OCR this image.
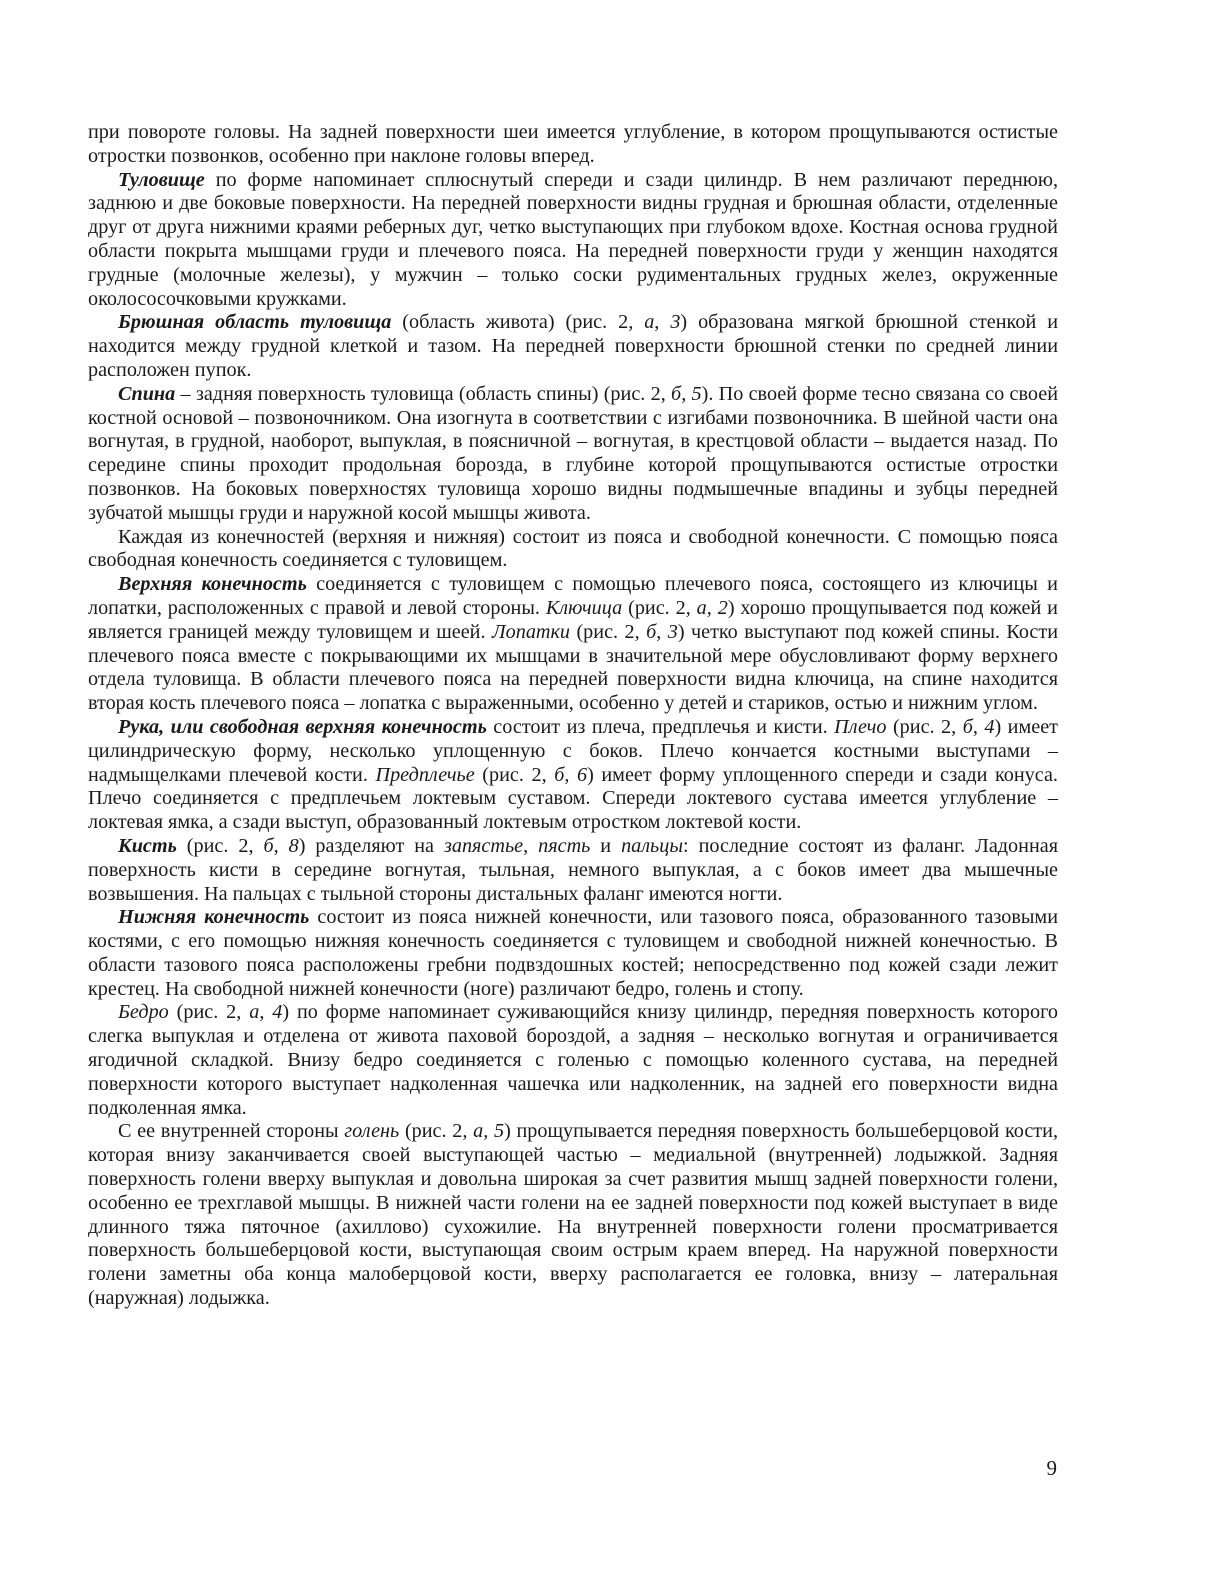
при повороте головы. На задней поверхности шеи имеется углубление, в котором прощупываются остистые отростки позвонков, особенно при наклоне головы вперед.

Туловище по форме напоминает сплюснутый спереди и сзади цилиндр. В нем различают переднюю, заднюю и две боковые поверхности. На передней поверхности видны грудная и брюшная области, отделенные друг от друга нижними краями реберных дуг, четко выступающих при глубоком вдохе. Костная основа грудной области покрыта мышцами груди и плечевого пояса. На передней поверхности груди у женщин находятся грудные (молочные железы), у мужчин – только соски рудиментальных грудных желез, окруженные околососочковыми кружками.

Брюшная область туловища (область живота) (рис. 2, а, 3) образована мягкой брюшной стенкой и находится между грудной клеткой и тазом. На передней поверхности брюшной стенки по средней линии расположен пупок.

Спина – задняя поверхность туловища (область спины) (рис. 2, б, 5). По своей форме тесно связана со своей костной основой – позвоночником. Она изогнута в соответствии с изгибами позвоночника. В шейной части она вогнутая, в грудной, наоборот, выпуклая, в поясничной – вогнутая, в крестцовой области – выдается назад. По середине спины проходит продольная борозда, в глубине которой прощупываются остистые отростки позвонков. На боковых поверхностях туловища хорошо видны подмышечные впадины и зубцы передней зубчатой мышцы груди и наружной косой мышцы живота.

Каждая из конечностей (верхняя и нижняя) состоит из пояса и свободной конечности. С помощью пояса свободная конечность соединяется с туловищем.

Верхняя конечность соединяется с туловищем с помощью плечевого пояса, состоящего из ключицы и лопатки, расположенных с правой и левой стороны. Ключица (рис. 2, а, 2) хорошо прощупывается под кожей и является границей между туловищем и шеей. Лопатки (рис. 2, б, 3) четко выступают под кожей спины. Кости плечевого пояса вместе с покрывающими их мышцами в значительной мере обусловливают форму верхнего отдела туловища. В области плечевого пояса на передней поверхности видна ключица, на спине находится вторая кость плечевого пояса – лопатка с выраженными, особенно у детей и стариков, остью и нижним углом.

Рука, или свободная верхняя конечность состоит из плеча, предплечья и кисти. Плечо (рис. 2, б, 4) имеет цилиндрическую форму, несколько уплощенную с боков. Плечо кончается костными выступами – надмыщелками плечевой кости. Предплечье (рис. 2, б, 6) имеет форму уплощенного спереди и сзади конуса. Плечо соединяется с предплечьем локтевым суставом. Спереди локтевого сустава имеется углубление – локтевая ямка, а сзади выступ, образованный локтевым отростком локтевой кости.

Кисть (рис. 2, б, 8) разделяют на запястье, пясть и пальцы: последние состоят из фаланг. Ладонная поверхность кисти в середине вогнутая, тыльная, немного выпуклая, а с боков имеет два мышечные возвышения. На пальцах с тыльной стороны дистальных фаланг имеются ногти.

Нижняя конечность состоит из пояса нижней конечности, или тазового пояса, образованного тазовыми костями, с его помощью нижняя конечность соединяется с туловищем и свободной нижней конечностью. В области тазового пояса расположены гребни подвздошных костей; непосредственно под кожей сзади лежит крестец. На свободной нижней конечности (ноге) различают бедро, голень и стопу.

Бедро (рис. 2, а, 4) по форме напоминает суживающийся книзу цилиндр, передняя поверхность которого слегка выпуклая и отделена от живота паховой бороздой, а задняя – несколько вогнутая и ограничивается ягодичной складкой. Внизу бедро соединяется с голенью с помощью коленного сустава, на передней поверхности которого выступает надколенная чашечка или надколенник, на задней его поверхности видна подколенная ямка.

С ее внутренней стороны голень (рис. 2, а, 5) прощупывается передняя поверхность большеберцовой кости, которая внизу заканчивается своей выступающей частью – медиальной (внутренней) лодыжкой. Задняя поверхность голени вверху выпуклая и довольна широкая за счет развития мышц задней поверхности голени, особенно ее трехглавой мышцы. В нижней части голени на ее задней поверхности под кожей выступает в виде длинного тяжа пяточное (ахиллово) сухожилие. На внутренней поверхности голени просматривается поверхность большеберцовой кости, выступающая своим острым краем вперед. На наружной поверхности голени заметны оба конца малоберцовой кости, вверху располагается ее головка, внизу – латеральная (наружная) лодыжка.

9
